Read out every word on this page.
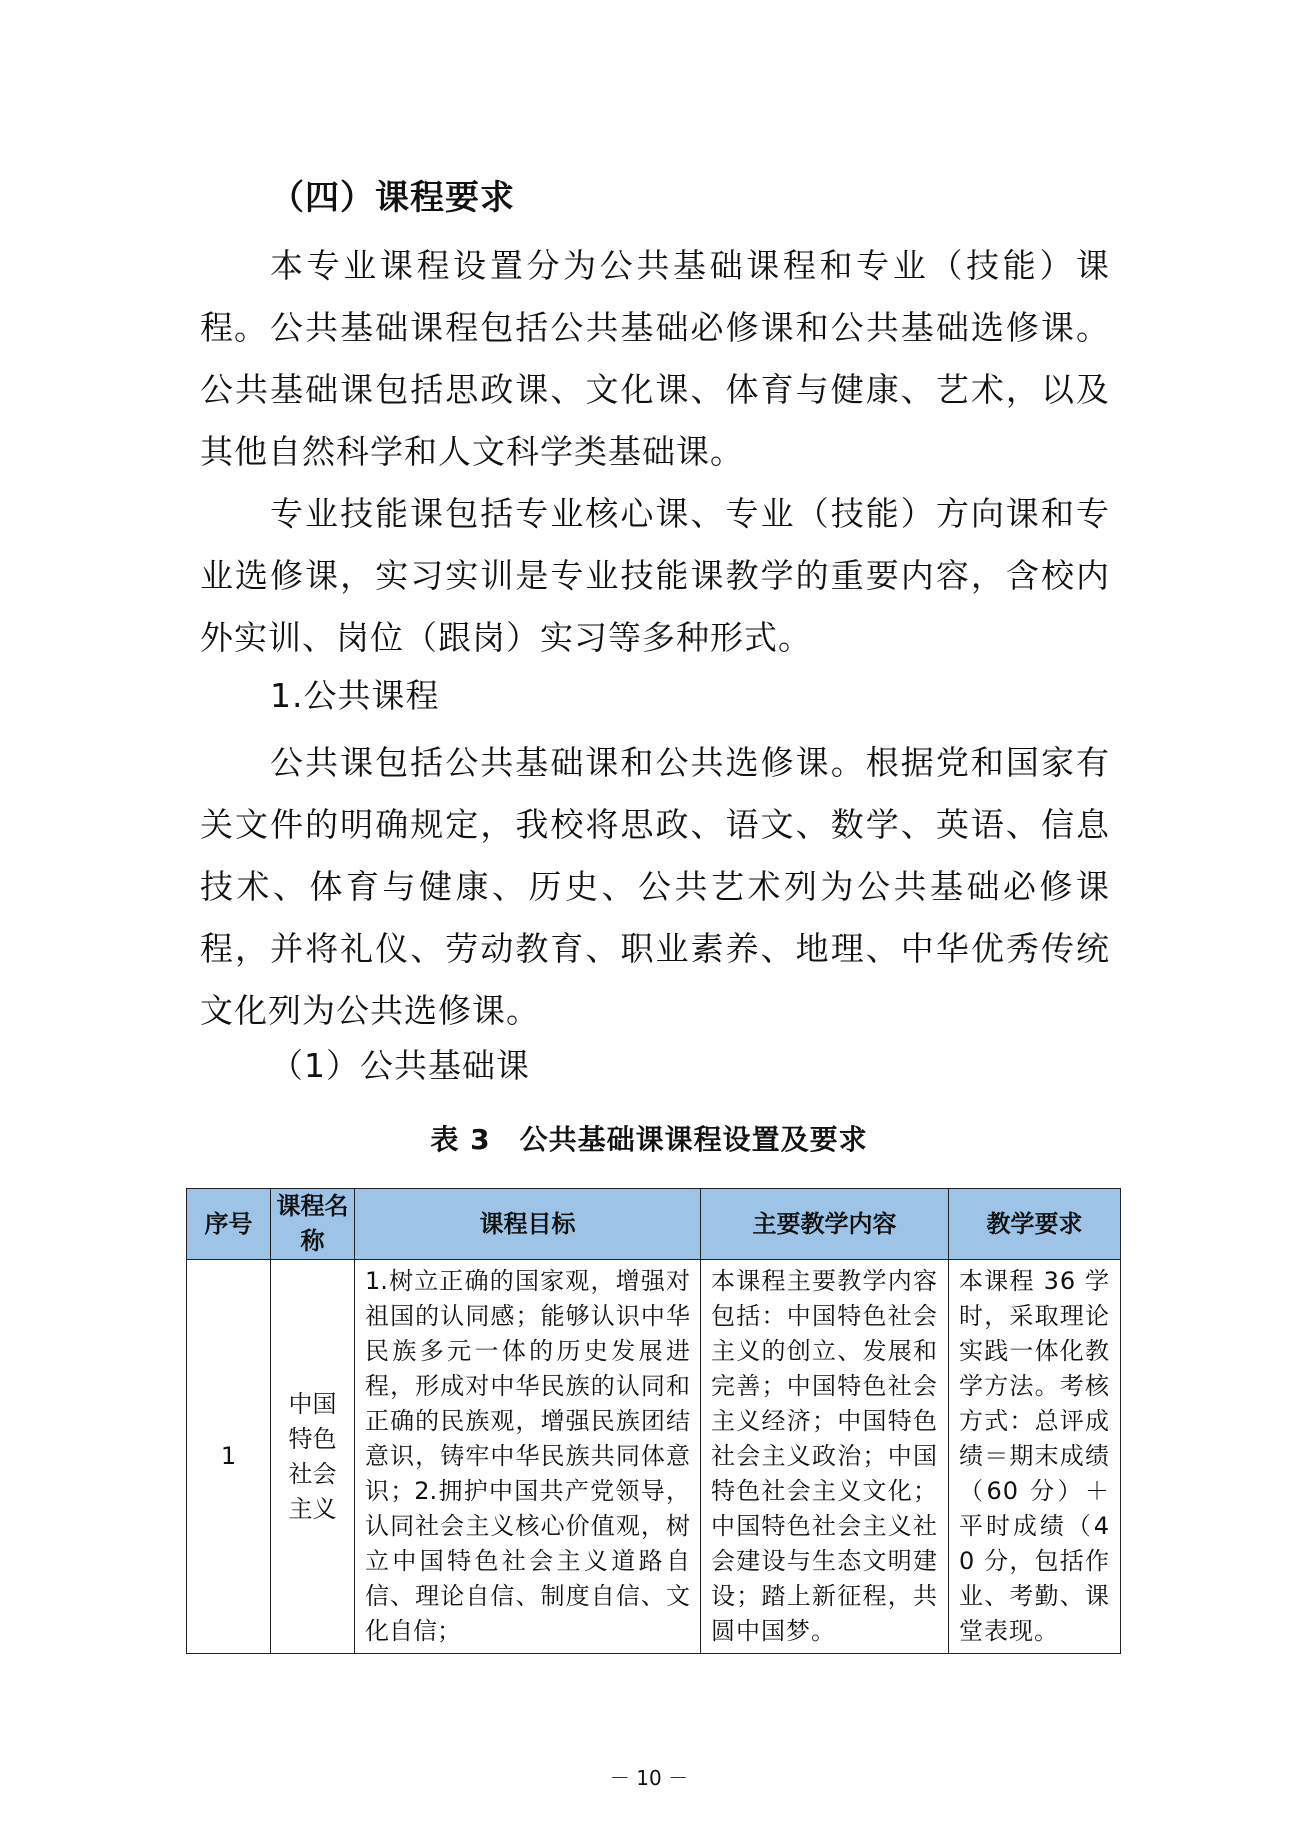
（四）课程要求
本专业课程设置分为公共基础课程和专业（技能）课程。 公共基础课程包括公共基础必修课和公共基础选修课。公共基础课包括思政课、文化课、体育与健康、艺术，以及其他自然科学和人文科学类基础课。
专业技能课包括专业核心课、专业（技能）方向课和专业选修课，实习实训是专业技能课教学的重要内容，含校内外实训、岗位（跟岗）实习等多种形式。
1.公共课程
公共课包括公共基础课和公共选修课。根据党和国家有关文件的明确规定，我校将思政、语文、数学、英语、信息技术、体育与健康、历史、公共艺术列为公共基础必修课程，并将礼仪、劳动教育、职业素养、地理、中华优秀传统文化列为公共选修课。
（1）公共基础课
表 3　公共基础课课程设置及要求
序号	课程名称	课程目标	主要教学内容	教学要求
1	中国特色社会主义	1.树立正确的国家观，增强对祖国的认同感；能够认识中华民族多元一体的历史发展进程，形成对中华民族的认同和正确的民族观，增强民族团结意识，铸牢中华民族共同体意识；2.拥护中国共产党领导，认同社会主义核心价值观，树立中国特色社会主义道路自信、理论自信、制度自信、文化自信；	本课程主要教学内容包括：中国特色社会主义的创立、发展和完善；中国特色社会主义经济；中国特色社会主义政治；中国特色社会主义文化；中国特色社会主义社会建设与生态文明建设；踏上新征程，共圆中国梦。	本课程 36 学时，采取理论实践一体化教学方法。考核方式：总评成绩＝期末成绩（60 分）＋平时成绩（40 分，包括作业、考勤、课堂表现。
－ 10 －
